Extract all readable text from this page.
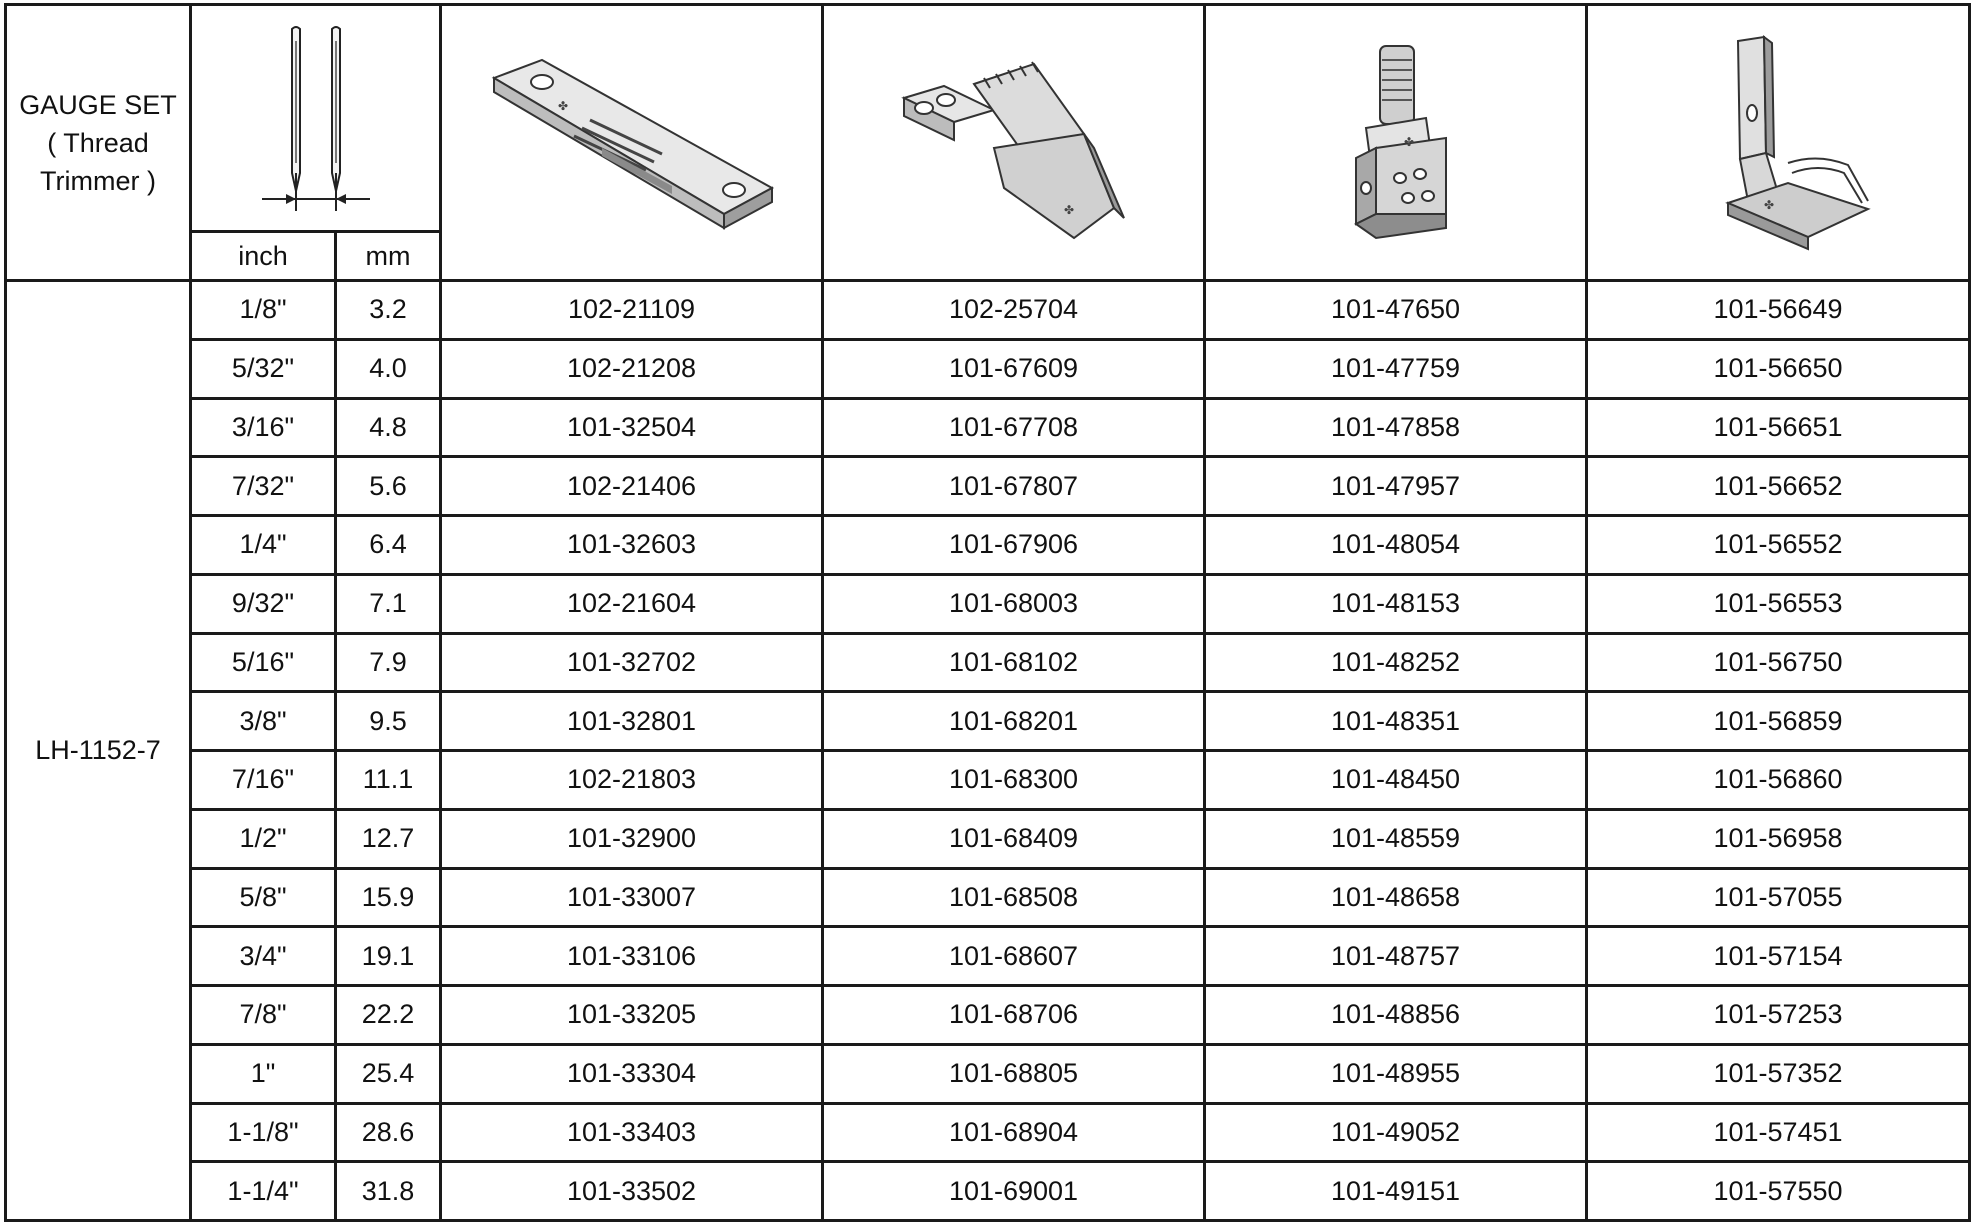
GAUGE SET
( Thread
Trimmer )			✤	✤	✤	✤

	inch	mm				
LH-1152-7	1/8"	3.2	102-21109	102-25704	101-47650	101-56649
	5/32"	4.0	102-21208	101-67609	101-47759	101-56650
	3/16"	4.8	101-32504	101-67708	101-47858	101-56651
	7/32"	5.6	102-21406	101-67807	101-47957	101-56652
	1/4"	6.4	101-32603	101-67906	101-48054	101-56552
	9/32"	7.1	102-21604	101-68003	101-48153	101-56553
	5/16"	7.9	101-32702	101-68102	101-48252	101-56750
	3/8"	9.5	101-32801	101-68201	101-48351	101-56859
	7/16"	11.1	102-21803	101-68300	101-48450	101-56860
	1/2"	12.7	101-32900	101-68409	101-48559	101-56958
	5/8"	15.9	101-33007	101-68508	101-48658	101-57055
	3/4"	19.1	101-33106	101-68607	101-48757	101-57154
	7/8"	22.2	101-33205	101-68706	101-48856	101-57253
	1"	25.4	101-33304	101-68805	101-48955	101-57352
	1-1/8"	28.6	101-33403	101-68904	101-49052	101-57451
	1-1/4"	31.8	101-33502	101-69001	101-49151	101-57550
